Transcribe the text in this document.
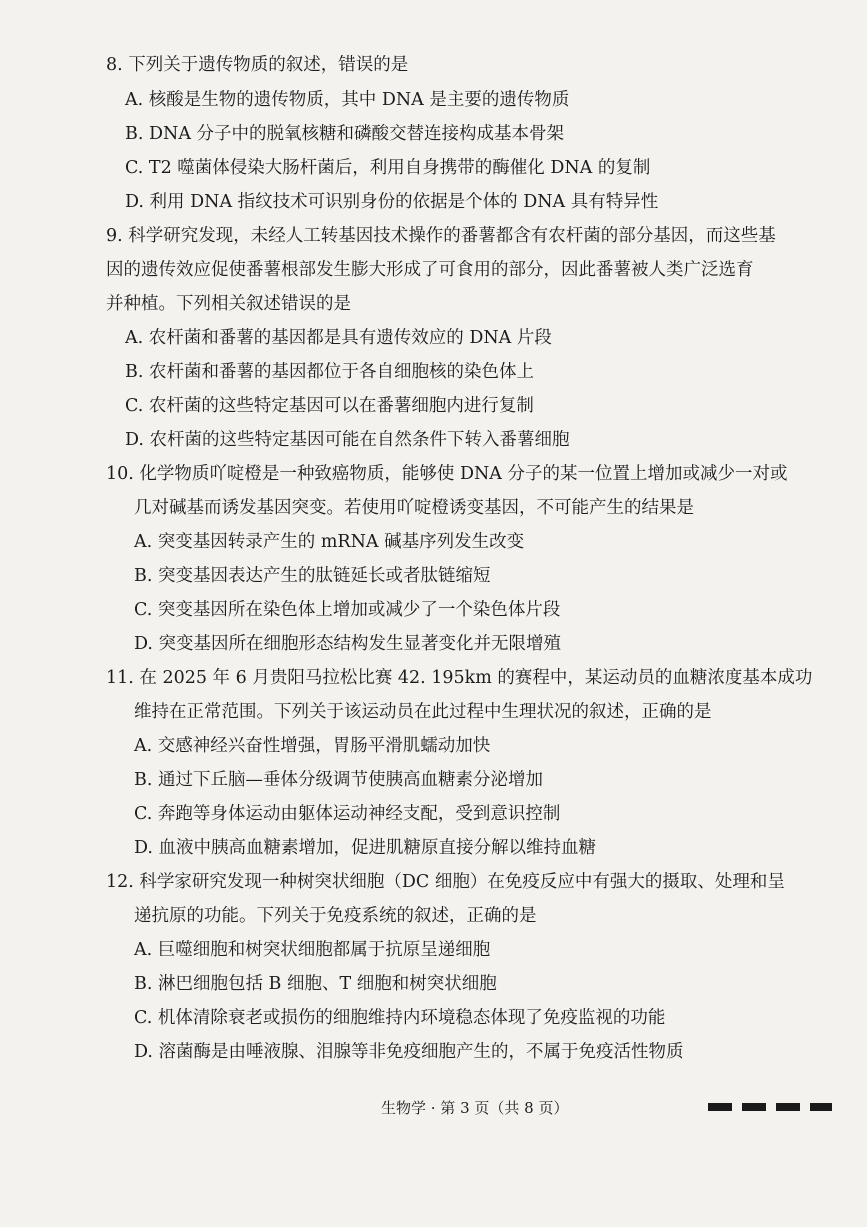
8. 下列关于遗传物质的叙述，错误的是
A. 核酸是生物的遗传物质，其中 DNA 是主要的遗传物质
B. DNA 分子中的脱氧核糖和磷酸交替连接构成基本骨架
C. T2 噬菌体侵染大肠杆菌后，利用自身携带的酶催化 DNA 的复制
D. 利用 DNA 指纹技术可识别身份的依据是个体的 DNA 具有特异性
9. 科学研究发现，未经人工转基因技术操作的番薯都含有农杆菌的部分基因，而这些基
因的遗传效应促使番薯根部发生膨大形成了可食用的部分，因此番薯被人类广泛选育
并种植。下列相关叙述错误的是
A. 农杆菌和番薯的基因都是具有遗传效应的 DNA 片段
B. 农杆菌和番薯的基因都位于各自细胞核的染色体上
C. 农杆菌的这些特定基因可以在番薯细胞内进行复制
D. 农杆菌的这些特定基因可能在自然条件下转入番薯细胞
10. 化学物质吖啶橙是一种致癌物质，能够使 DNA 分子的某一位置上增加或减少一对或
几对碱基而诱发基因突变。若使用吖啶橙诱变基因，不可能产生的结果是
A. 突变基因转录产生的 mRNA 碱基序列发生改变
B. 突变基因表达产生的肽链延长或者肽链缩短
C. 突变基因所在染色体上增加或减少了一个染色体片段
D. 突变基因所在细胞形态结构发生显著变化并无限增殖
11. 在 2025 年 6 月贵阳马拉松比赛 42. 195km 的赛程中，某运动员的血糖浓度基本成功
维持在正常范围。下列关于该运动员在此过程中生理状况的叙述，正确的是
A. 交感神经兴奋性增强，胃肠平滑肌蠕动加快
B. 通过下丘脑—垂体分级调节使胰高血糖素分泌增加
C. 奔跑等身体运动由躯体运动神经支配，受到意识控制
D. 血液中胰高血糖素增加，促进肌糖原直接分解以维持血糖
12. 科学家研究发现一种树突状细胞（DC 细胞）在免疫反应中有强大的摄取、处理和呈
递抗原的功能。下列关于免疫系统的叙述，正确的是
A. 巨噬细胞和树突状细胞都属于抗原呈递细胞
B. 淋巴细胞包括 B 细胞、T 细胞和树突状细胞
C. 机体清除衰老或损伤的细胞维持内环境稳态体现了免疫监视的功能
D. 溶菌酶是由唾液腺、泪腺等非免疫细胞产生的，不属于免疫活性物质
生物学 · 第 3 页（共 8 页）
